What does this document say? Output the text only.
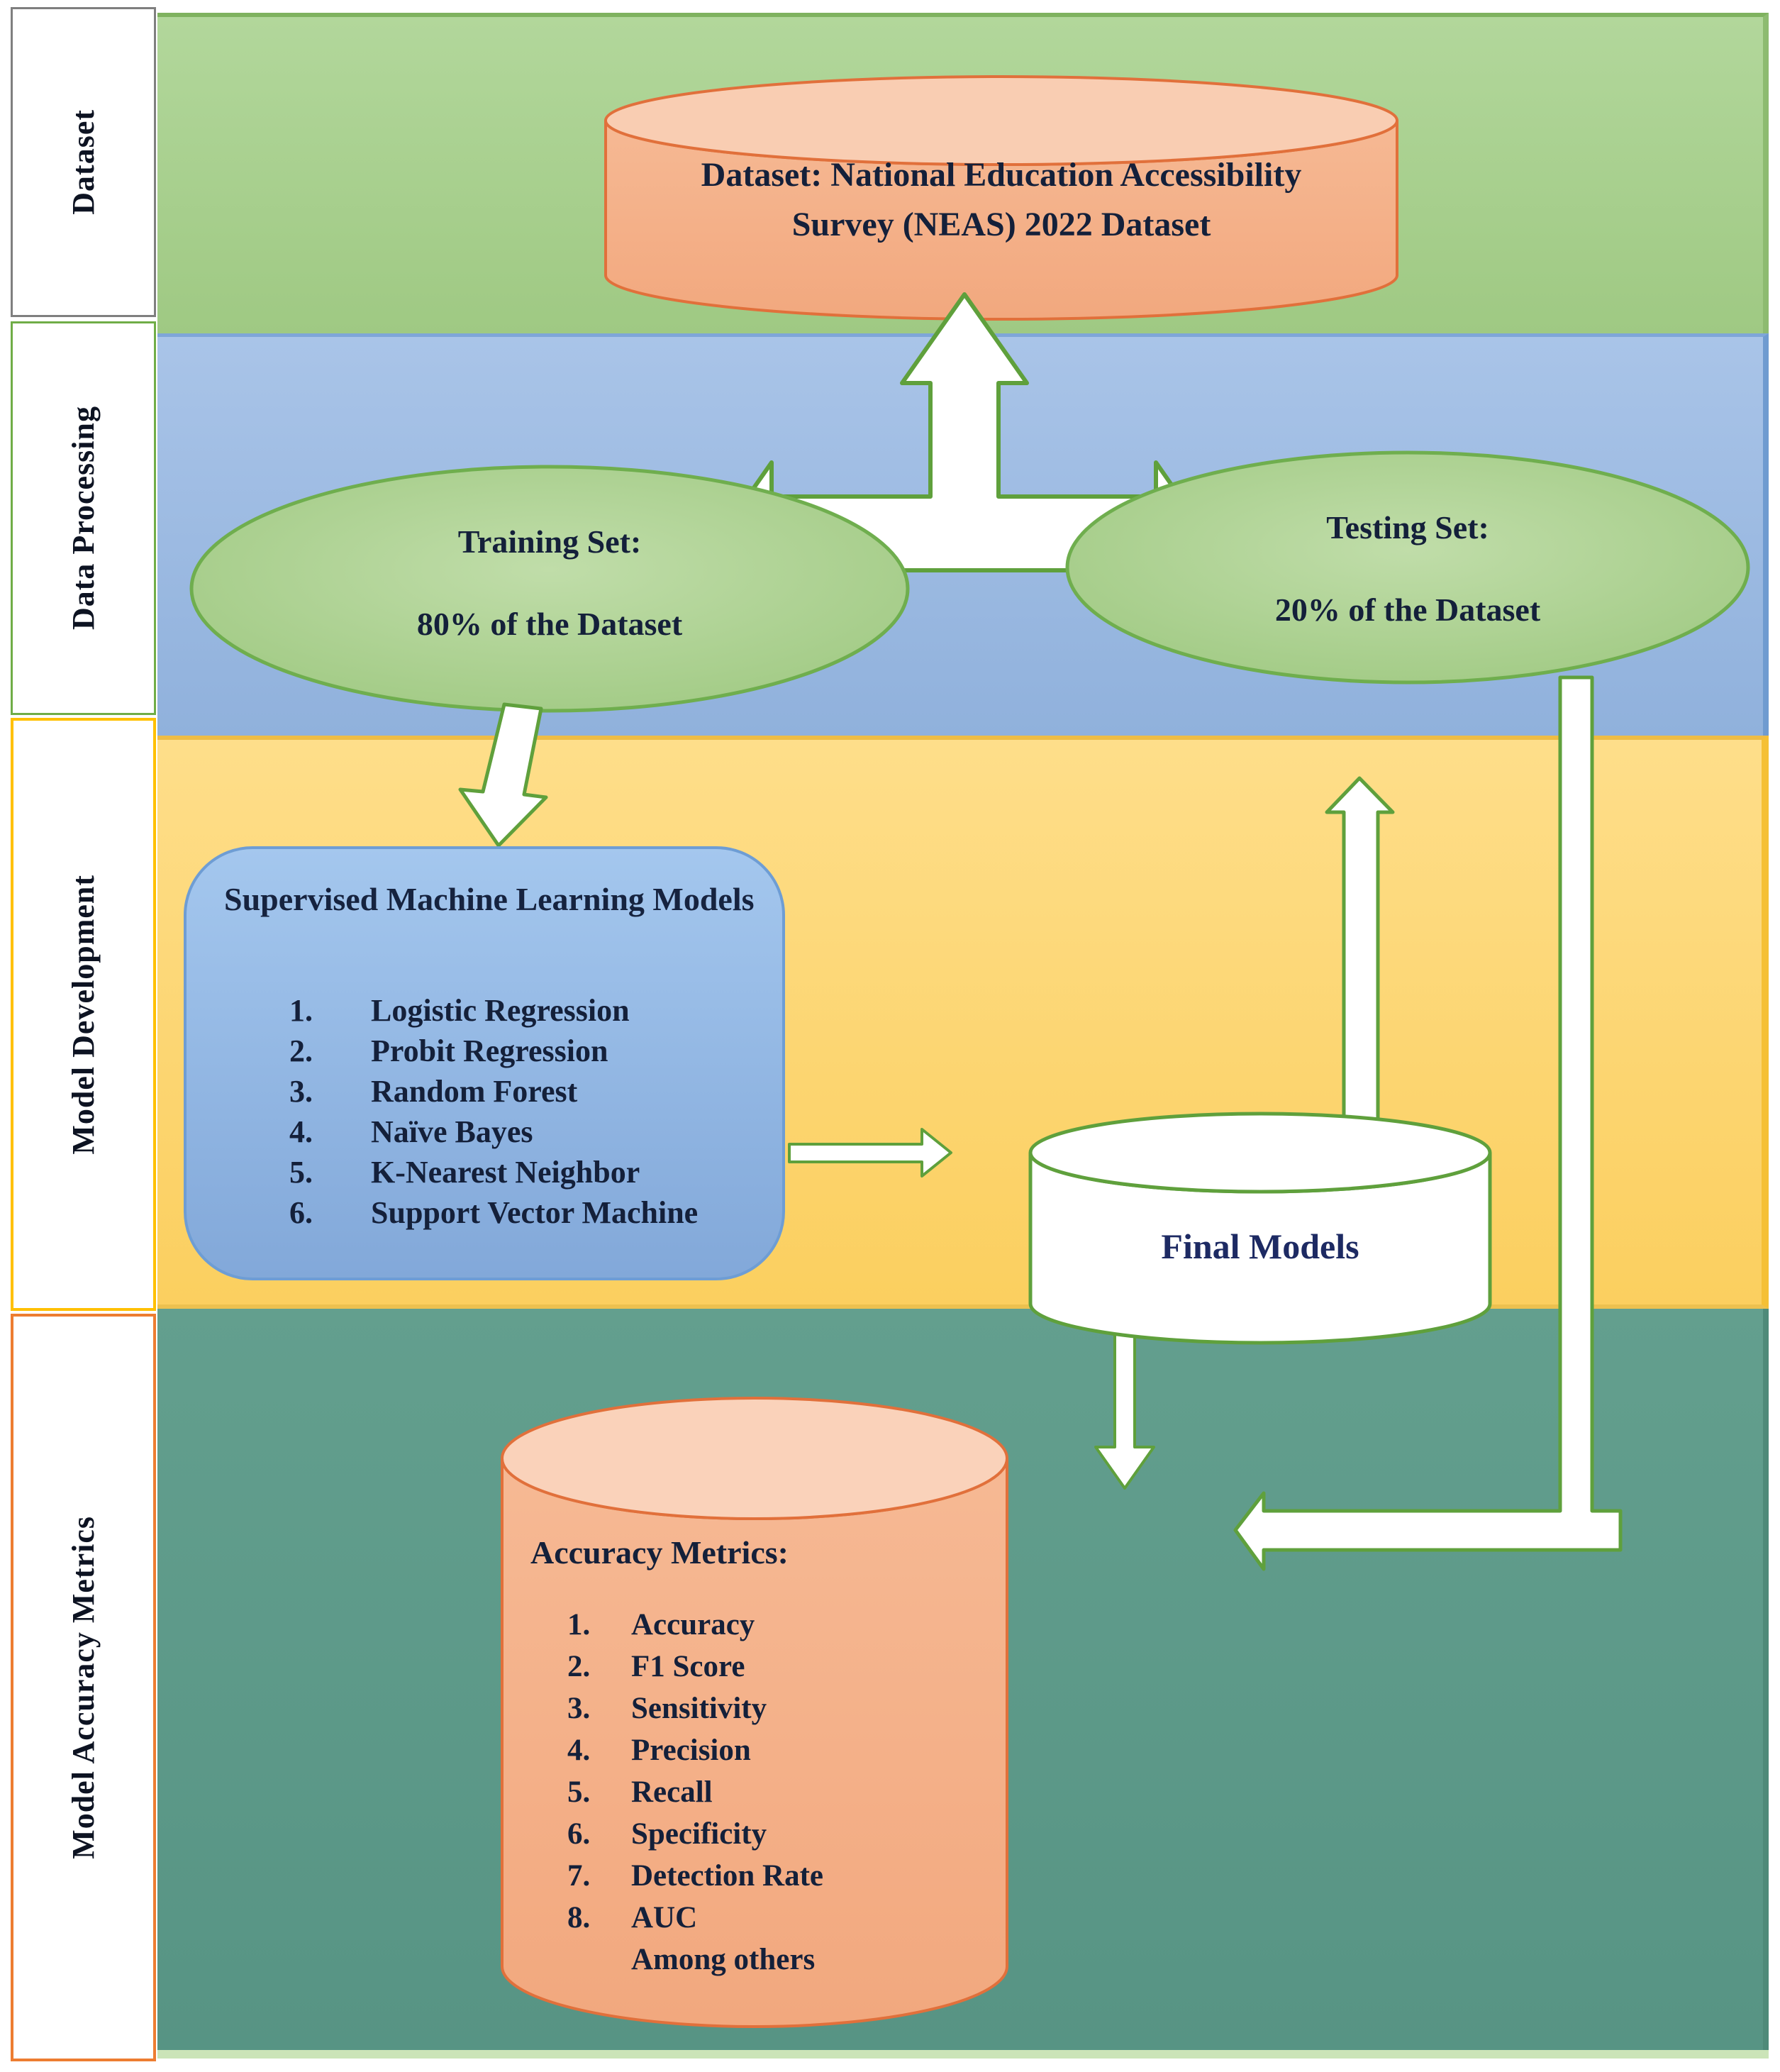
Dataset
Data Processing
Model Development
Model Accuracy Metrics
Dataset: National Education Accessibility
Survey (NEAS) 2022 Dataset
Training Set:
80% of the Dataset
Testing Set:
20% of the Dataset
Supervised Machine Learning Models
1.	Logistic Regression
2.	Probit Regression
3.	Random Forest
4.	Naïve Bayes
5.	K-Nearest Neighbor
6.	Support Vector Machine
Final Models
Accuracy Metrics:
1.	Accuracy
2.	F1 Score
3.	Sensitivity
4.	Precision
5.	Recall
6.	Specificity
7.	Detection Rate
8.	AUC
Among others
